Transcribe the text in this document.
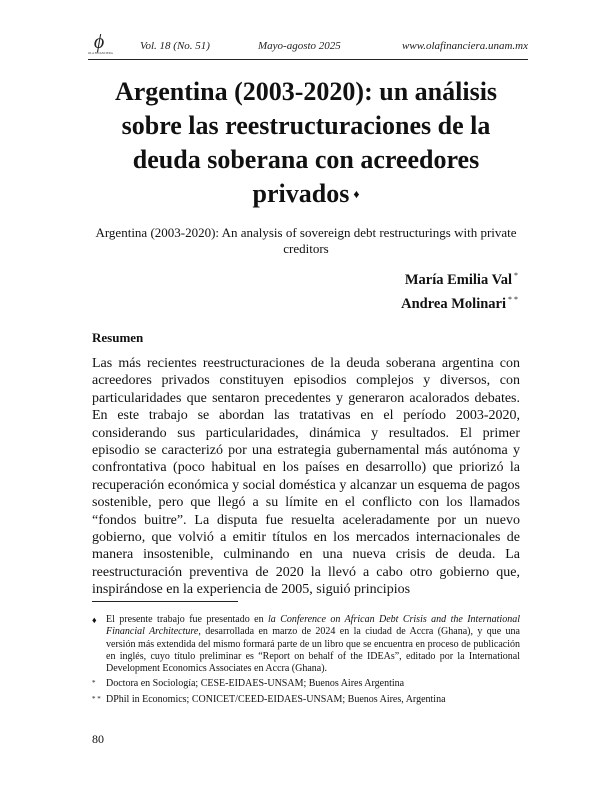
ϕ
OLA FINANCIERA
Vol. 18 (No. 51)	Mayo-agosto 2025	www.olafinanciera.unam.mx
Argentina (2003-2020): un análisis sobre las reestructuraciones de la deuda soberana con acreedores privados ♦

Argentina (2003-2020): An analysis of sovereign debt restructurings with private creditors

María Emilia Val *
Andrea Molinari * *
Resumen

Las más recientes reestructuraciones de la deuda soberana argentina con acreedores privados constituyen episodios complejos y diversos, con particularidades que sentaron precedentes y generaron acalorados debates. En este trabajo se abordan las tratativas en el período 2003-2020, considerando sus particularidades, dinámica y resultados. El primer episodio se caracterizó por una estrategia gubernamental más autónoma y confrontativa (poco habitual en los países en desarrollo) que priorizó la recuperación económica y social doméstica y alcanzar un esquema de pagos sostenible, pero que llegó a su límite en el conflicto con los llamados “fondos buitre”. La disputa fue resuelta aceleradamente por un nuevo gobierno, que volvió a emitir títulos en los mercados internacionales de manera insostenible, culminando en una nueva crisis de deuda. La reestructuración preventiva de 2020 la llevó a cabo otro gobierno que, inspirándose en la experiencia de 2005, siguió principios

♦ El presente trabajo fue presentado en la Conference on African Debt Crisis and the International Financial Architecture, desarrollada en marzo de 2024 en la ciudad de Accra (Ghana), y que una versión más extendida del mismo formará parte de un libro que se encuentra en proceso de publicación en inglés, cuyo título preliminar es “Report on behalf of the IDEAs”, editado por la International Development Economics Associates en Accra (Ghana).
* Doctora en Sociología; CESE-EIDAES-UNSAM; Buenos Aires Argentina
* * DPhil in Economics; CONICET/CEED-EIDAES-UNSAM; Buenos Aires, Argentina
80
